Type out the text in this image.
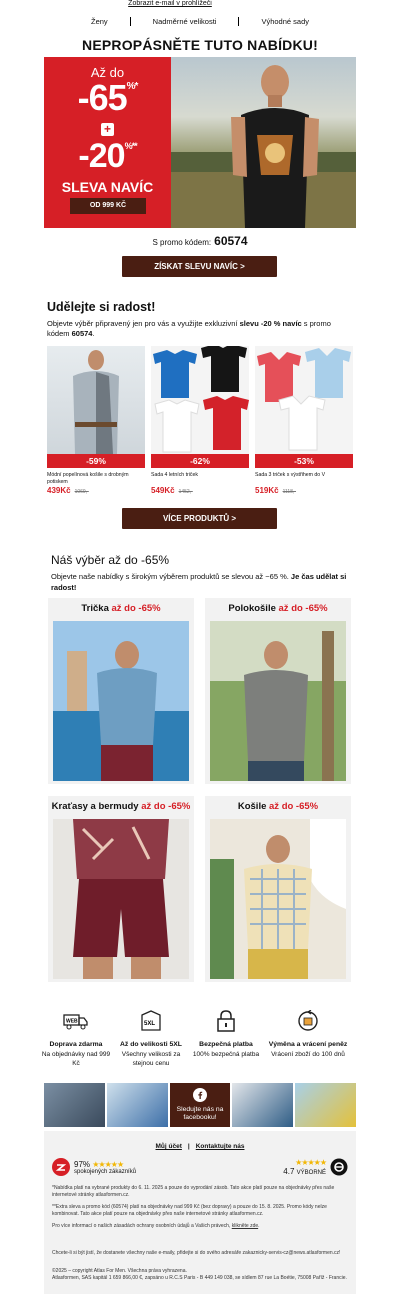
Zobrazit e-mail v prohlížeči
Ženy	Nadměrné velikosti	Výhodné sady
NEPROPÁSNĚTE TUTO NABÍDKU!
Až do
-65%*
+
-20%**
SLEVA NAVÍC
OD 999 KČ
S promo kódem: 60574
ZÍSKAT SLEVU NAVÍC >
Udělejte si radost!
Objevte výběr připravený jen pro vás a využijte exkluzivní slevu -20 % navíc s promo kódem 60574.
-59%
Módní popelínová košile s drobným potiskem
439Kč 1069,-
-62%
Sada 4 letních triček
549Kč 1452,-
-53%
Sada 3 triček s výstřihem do V
519Kč 1118,-
VÍCE PRODUKTŮ >
Náš výběr až do -65%
Objevte naše nabídky s širokým výběrem produktů se slevou až −65 %. Je čas udělat si radost!
Trička až do -65%	Polokošile až do -65%
Kraťasy a bermudy až do -65%	Košile až do -65%
WEB
Doprava zdarma
Na objednávky nad 999 Kč
5XL
Až do velikosti 5XL
Všechny velikosti za stejnou cenu
Bezpečná platba
100% bezpečná platba
Výměna a vrácení peněz
Vrácení zboží do 100 dnů
Sledujte nás na facebooku!
Můj účet | Kontaktujte nás
97% ★★★★★
spokojených zákazníků
★★★★★
4.7 VÝBORNÉ
*Nabídka platí na vybrané produkty do 6. 11. 2025 a pouze do vyprodání zásob. Tato akce platí pouze na objednávky přes naše internetové stránky atlasformen.cz.
**Extra sleva a promo kód (60574) platí na objednávky nad 999 Kč (bez dopravy) a pouze do 15. 8. 2025. Promo kódy nelze kombinovat. Tato akce platí pouze na objednávky přes naše internetové stránky atlasformen.cz.
Pro více informací o našich zásadách ochrany osobních údajů a Vašich právech, klikněte zde.
Chcete-li si být jistí, že dostanete všechny naše e-maily, přidejte si do svého adresáře zakaznicky-servis-cz@news.atlasformen.cz!
©2025 – copyright Atlas For Men. Všechna práva vyhrazena.
Atlasformen, SAS kapitál 1 659 866,00 €, zapsáno u R.C.S Paris - B 449 149 038, se sídlem 87 rue La Boétie, 75008 Paříž - Francie.
